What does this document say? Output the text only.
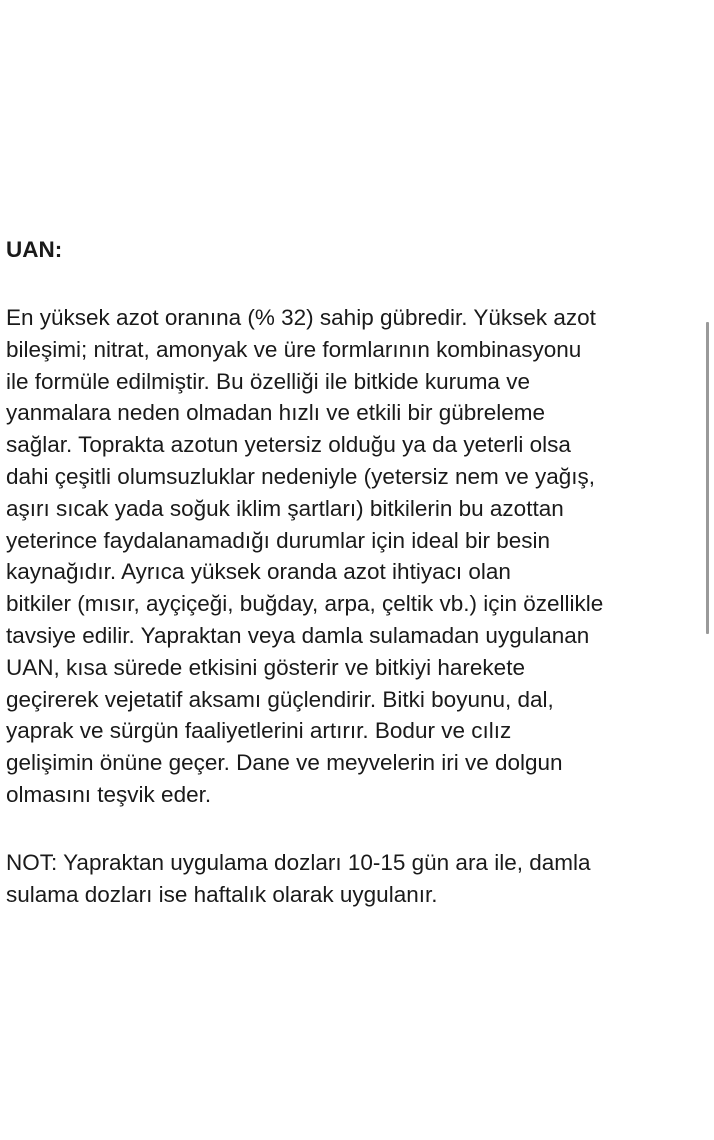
UAN:

En yüksek azot oranına (% 32) sahip gübredir. Yüksek azot
bileşimi; nitrat, amonyak ve üre formlarının kombinasyonu
ile formüle edilmiştir. Bu özelliği ile bitkide kuruma ve
yanmalara neden olmadan hızlı ve etkili bir gübreleme
sağlar. Toprakta azotun yetersiz olduğu ya da yeterli olsa
dahi çeşitli olumsuzluklar nedeniyle (yetersiz nem ve yağış,
aşırı sıcak yada soğuk iklim şartları) bitkilerin bu azottan
yeterince faydalanamadığı durumlar için ideal bir besin
kaynağıdır. Ayrıca yüksek oranda azot ihtiyacı olan
bitkiler (mısır, ayçiçeği, buğday, arpa, çeltik vb.) için özellikle
tavsiye edilir. Yapraktan veya damla sulamadan uygulanan
UAN, kısa sürede etkisini gösterir ve bitkiyi harekete
geçirerek vejetatif aksamı güçlendirir. Bitki boyunu, dal,
yaprak ve sürgün faaliyetlerini artırır. Bodur ve cılız
gelişimin önüne geçer. Dane ve meyvelerin iri ve dolgun
olmasını teşvik eder.

NOT: Yapraktan uygulama dozları 10-15 gün ara ile, damla
sulama dozları ise haftalık olarak uygulanır.
